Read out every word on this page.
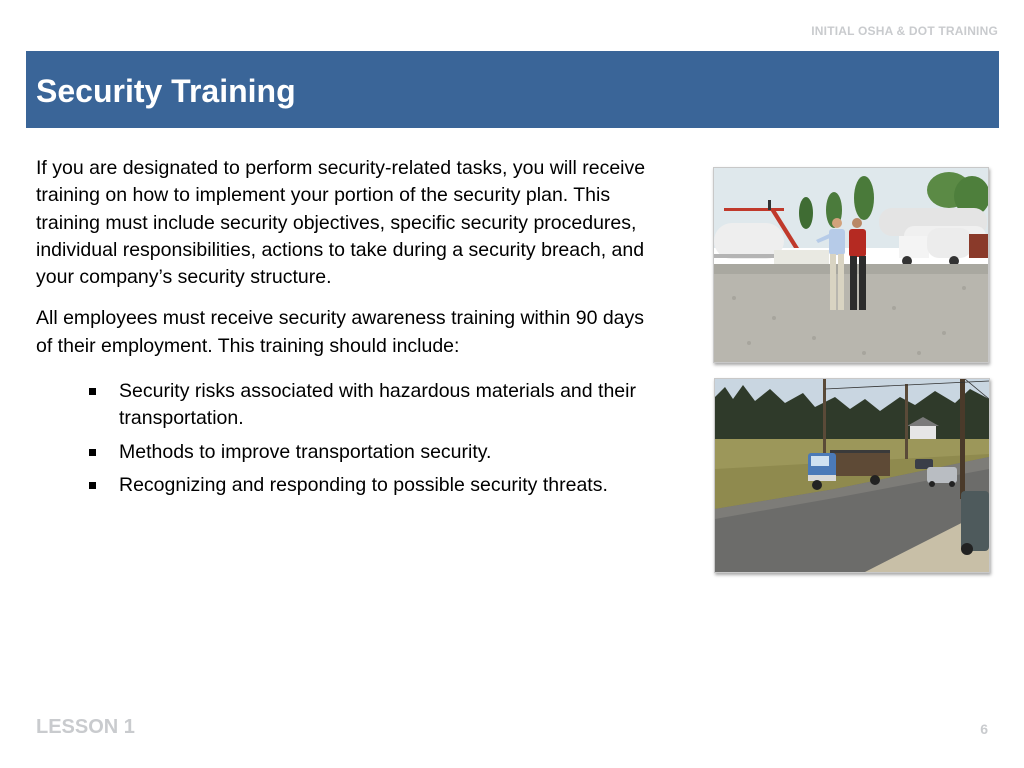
INITIAL OSHA & DOT TRAINING
Security Training

If you are designated to perform security-related tasks, you will receive training on how to implement your portion of the security plan. This training must include security objectives, specific security procedures, individual responsibilities, actions to take during a security breach, and your company’s security structure.

All employees must receive security awareness training within 90 days of their employment. This training should include:

Security risks associated with hazardous materials and their transportation.
Methods to improve transportation security.
Recognizing and responding to possible security threats.
LESSON 1	6
